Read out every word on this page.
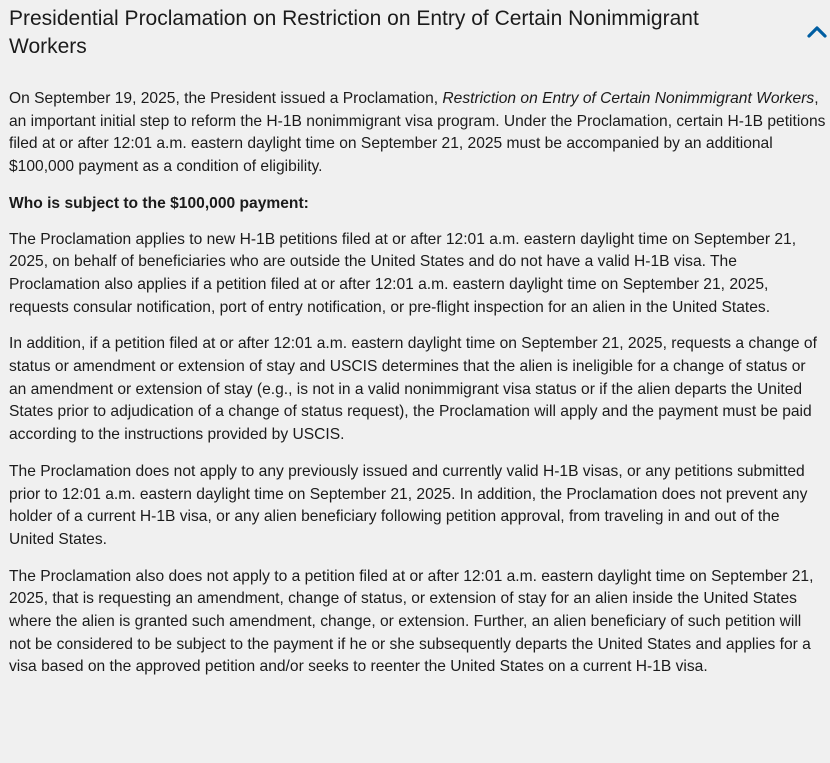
Presidential Proclamation on Restriction on Entry of Certain Nonimmigrant Workers

On September 19, 2025, the President issued a Proclamation, Restriction on Entry of Certain Nonimmigrant Workers, an important initial step to reform the H-1B nonimmigrant visa program. Under the Proclamation, certain H-1B petitions filed at or after 12:01 a.m. eastern daylight time on September 21, 2025 must be accompanied by an additional $100,000 payment as a condition of eligibility.

Who is subject to the $100,000 payment:

The Proclamation applies to new H-1B petitions filed at or after 12:01 a.m. eastern daylight time on September 21, 2025, on behalf of beneficiaries who are outside the United States and do not have a valid H-1B visa. The Proclamation also applies if a petition filed at or after 12:01 a.m. eastern daylight time on September 21, 2025, requests consular notification, port of entry notification, or pre-flight inspection for an alien in the United States.

In addition, if a petition filed at or after 12:01 a.m. eastern daylight time on September 21, 2025, requests a change of status or amendment or extension of stay and USCIS determines that the alien is ineligible for a change of status or an amendment or extension of stay (e.g., is not in a valid nonimmigrant visa status or if the alien departs the United States prior to adjudication of a change of status request), the Proclamation will apply and the payment must be paid according to the instructions provided by USCIS.

The Proclamation does not apply to any previously issued and currently valid H-1B visas, or any petitions submitted prior to 12:01 a.m. eastern daylight time on September 21, 2025. In addition, the Proclamation does not prevent any holder of a current H-1B visa, or any alien beneficiary following petition approval, from traveling in and out of the United States.

The Proclamation also does not apply to a petition filed at or after 12:01 a.m. eastern daylight time on September 21, 2025, that is requesting an amendment, change of status, or extension of stay for an alien inside the United States where the alien is granted such amendment, change, or extension. Further, an alien beneficiary of such petition will not be considered to be subject to the payment if he or she subsequently departs the United States and applies for a visa based on the approved petition and/or seeks to reenter the United States on a current H-1B visa.
